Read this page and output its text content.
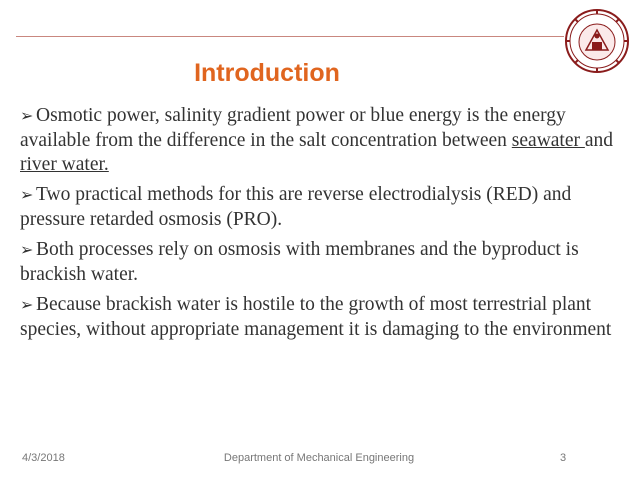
Introduction

➢ Osmotic power, salinity gradient power or blue energy is the energy available from the difference in the salt concentration between seawater and river water.

➢ Two practical methods for this are reverse electrodialysis (RED) and pressure retarded osmosis (PRO).

➢ Both processes rely on osmosis with membranes and the byproduct is brackish water.

➢ Because brackish water is hostile to the growth of most terrestrial plant species, without appropriate management it is damaging to the environment

4/3/2018	Department of Mechanical Engineering	3
